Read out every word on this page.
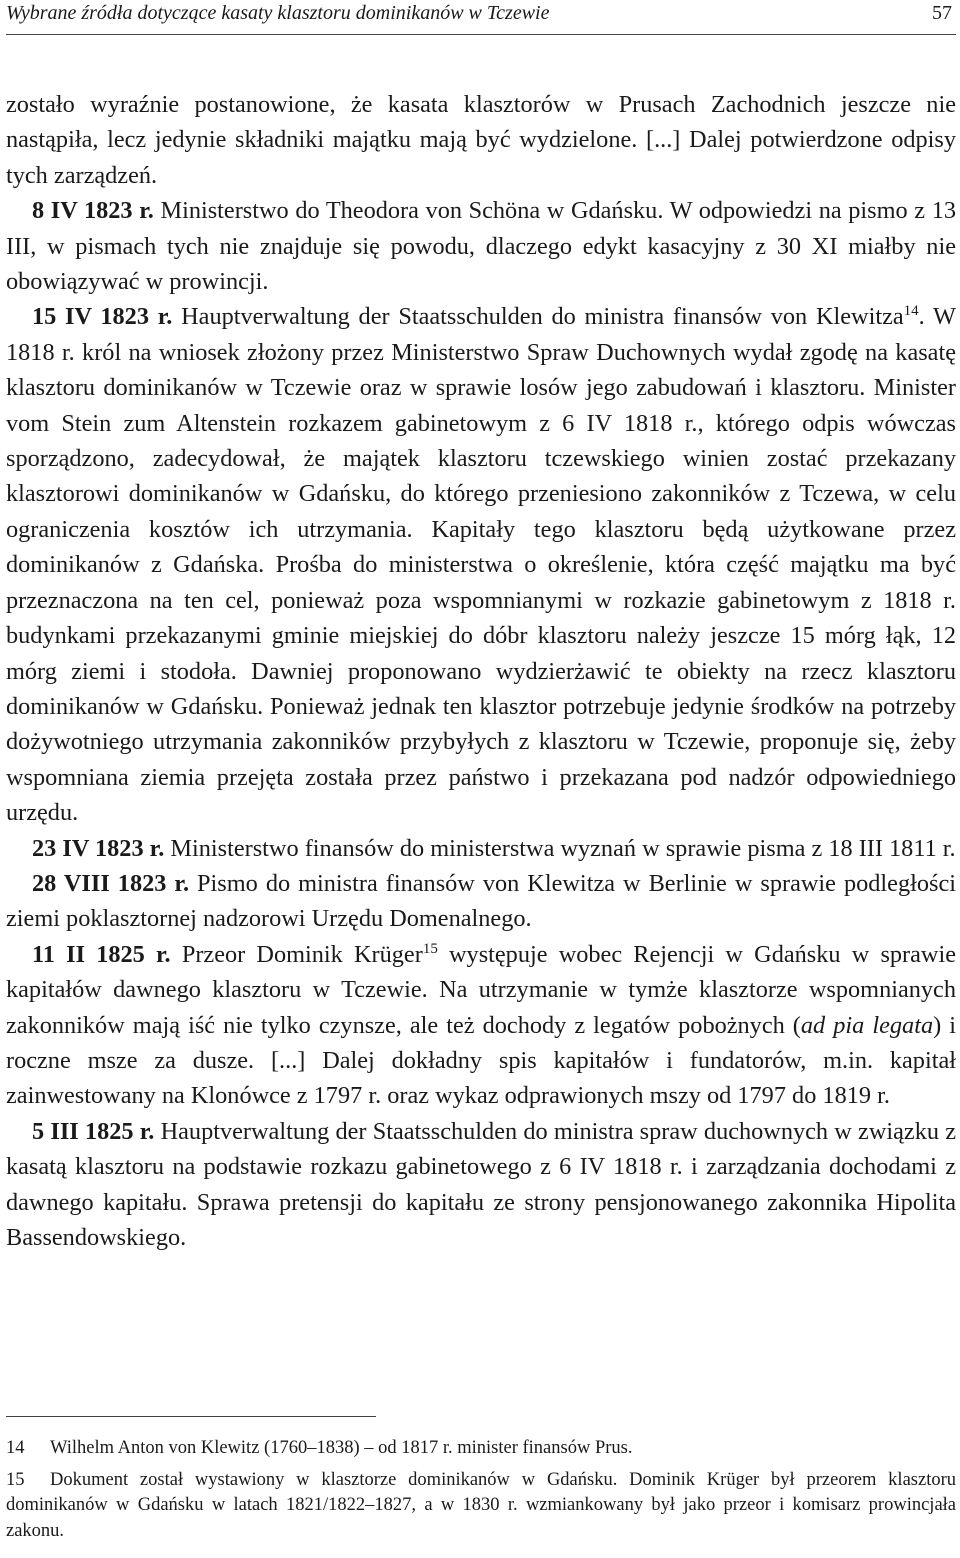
Wybrane źródła dotyczące kasaty klasztoru dominikanów w Tczewie	57

zostało wyraźnie postanowione, że kasata klasztorów w Prusach Zachodnich jeszcze nie nastąpiła, lecz jedynie składniki majątku mają być wydzielone. [...] Dalej potwierdzone odpisy tych zarządzeń.

8 IV 1823 r. Ministerstwo do Theodora von Schöna w Gdańsku. W odpowiedzi na pismo z 13 III, w pismach tych nie znajduje się powodu, dlaczego edykt kasacyjny z 30 XI miałby nie obowiązywać w prowincji.

15 IV 1823 r. Hauptverwaltung der Staatsschulden do ministra finansów von Klewitza$^{14}$. W 1818 r. król na wniosek złożony przez Ministerstwo Spraw Duchownych wydał zgodę na kasatę klasztoru dominikanów w Tczewie oraz w sprawie losów jego zabudowań i klasztoru. Minister vom Stein zum Altenstein rozkazem gabinetowym z 6 IV 1818 r., którego odpis wówczas sporządzono, zadecydował, że majątek klasztoru tczewskiego winien zostać przekazany klasztorowi dominikanów w Gdańsku, do którego przeniesiono zakonników z Tczewa, w celu ograniczenia kosztów ich utrzymania. Kapitały tego klasztoru będą użytkowane przez dominikanów z Gdańska. Prośba do ministerstwa o określenie, która część majątku ma być przeznaczona na ten cel, ponieważ poza wspomnianymi w rozkazie gabinetowym z 1818 r. budynkami przekazanymi gminie miejskiej do dóbr klasztoru należy jeszcze 15 mórg łąk, 12 mórg ziemi i stodoła. Dawniej proponowano wydzierżawić te obiekty na rzecz klasztoru dominikanów w Gdańsku. Ponieważ jednak ten klasztor potrzebuje jedynie środków na potrzeby dożywotniego utrzymania zakonników przybyłych z klasztoru w Tczewie, proponuje się, żeby wspomniana ziemia przejęta została przez państwo i przekazana pod nadzór odpowiedniego urzędu.

23 IV 1823 r. Ministerstwo finansów do ministerstwa wyznań w sprawie pisma z 18 III 1811 r.

28 VIII 1823 r. Pismo do ministra finansów von Klewitza w Berlinie w sprawie podległości ziemi poklasztornej nadzorowi Urzędu Domenalnego.

11 II 1825 r. Przeor Dominik Krüger$^{15}$ występuje wobec Rejencji w Gdańsku w sprawie kapitałów dawnego klasztoru w Tczewie. Na utrzymanie w tymże klasztorze wspomnianych zakonników mają iść nie tylko czynsze, ale też dochody z legatów pobożnych (ad pia legata) i roczne msze za dusze. [...] Dalej dokładny spis kapitałów i fundatorów, m.in. kapitał zainwestowany na Klonówce z 1797 r. oraz wykaz odprawionych mszy od 1797 do 1819 r.

5 III 1825 r. Hauptverwaltung der Staatsschulden do ministra spraw duchownych w związku z kasatą klasztoru na podstawie rozkazu gabinetowego z 6 IV 1818 r. i zarządzania dochodami z dawnego kapitału. Sprawa pretensji do kapitału ze strony pensjonowanego zakonnika Hipolita Bassendowskiego.

14 Wilhelm Anton von Klewitz (1760–1838) – od 1817 r. minister finansów Prus.

15 Dokument został wystawiony w klasztorze dominikanów w Gdańsku. Dominik Krüger był przeorem klasztoru dominikanów w Gdańsku w latach 1821/1822–1827, a w 1830 r. wzmiankowany był jako przeor i komisarz prowincjała zakonu.
